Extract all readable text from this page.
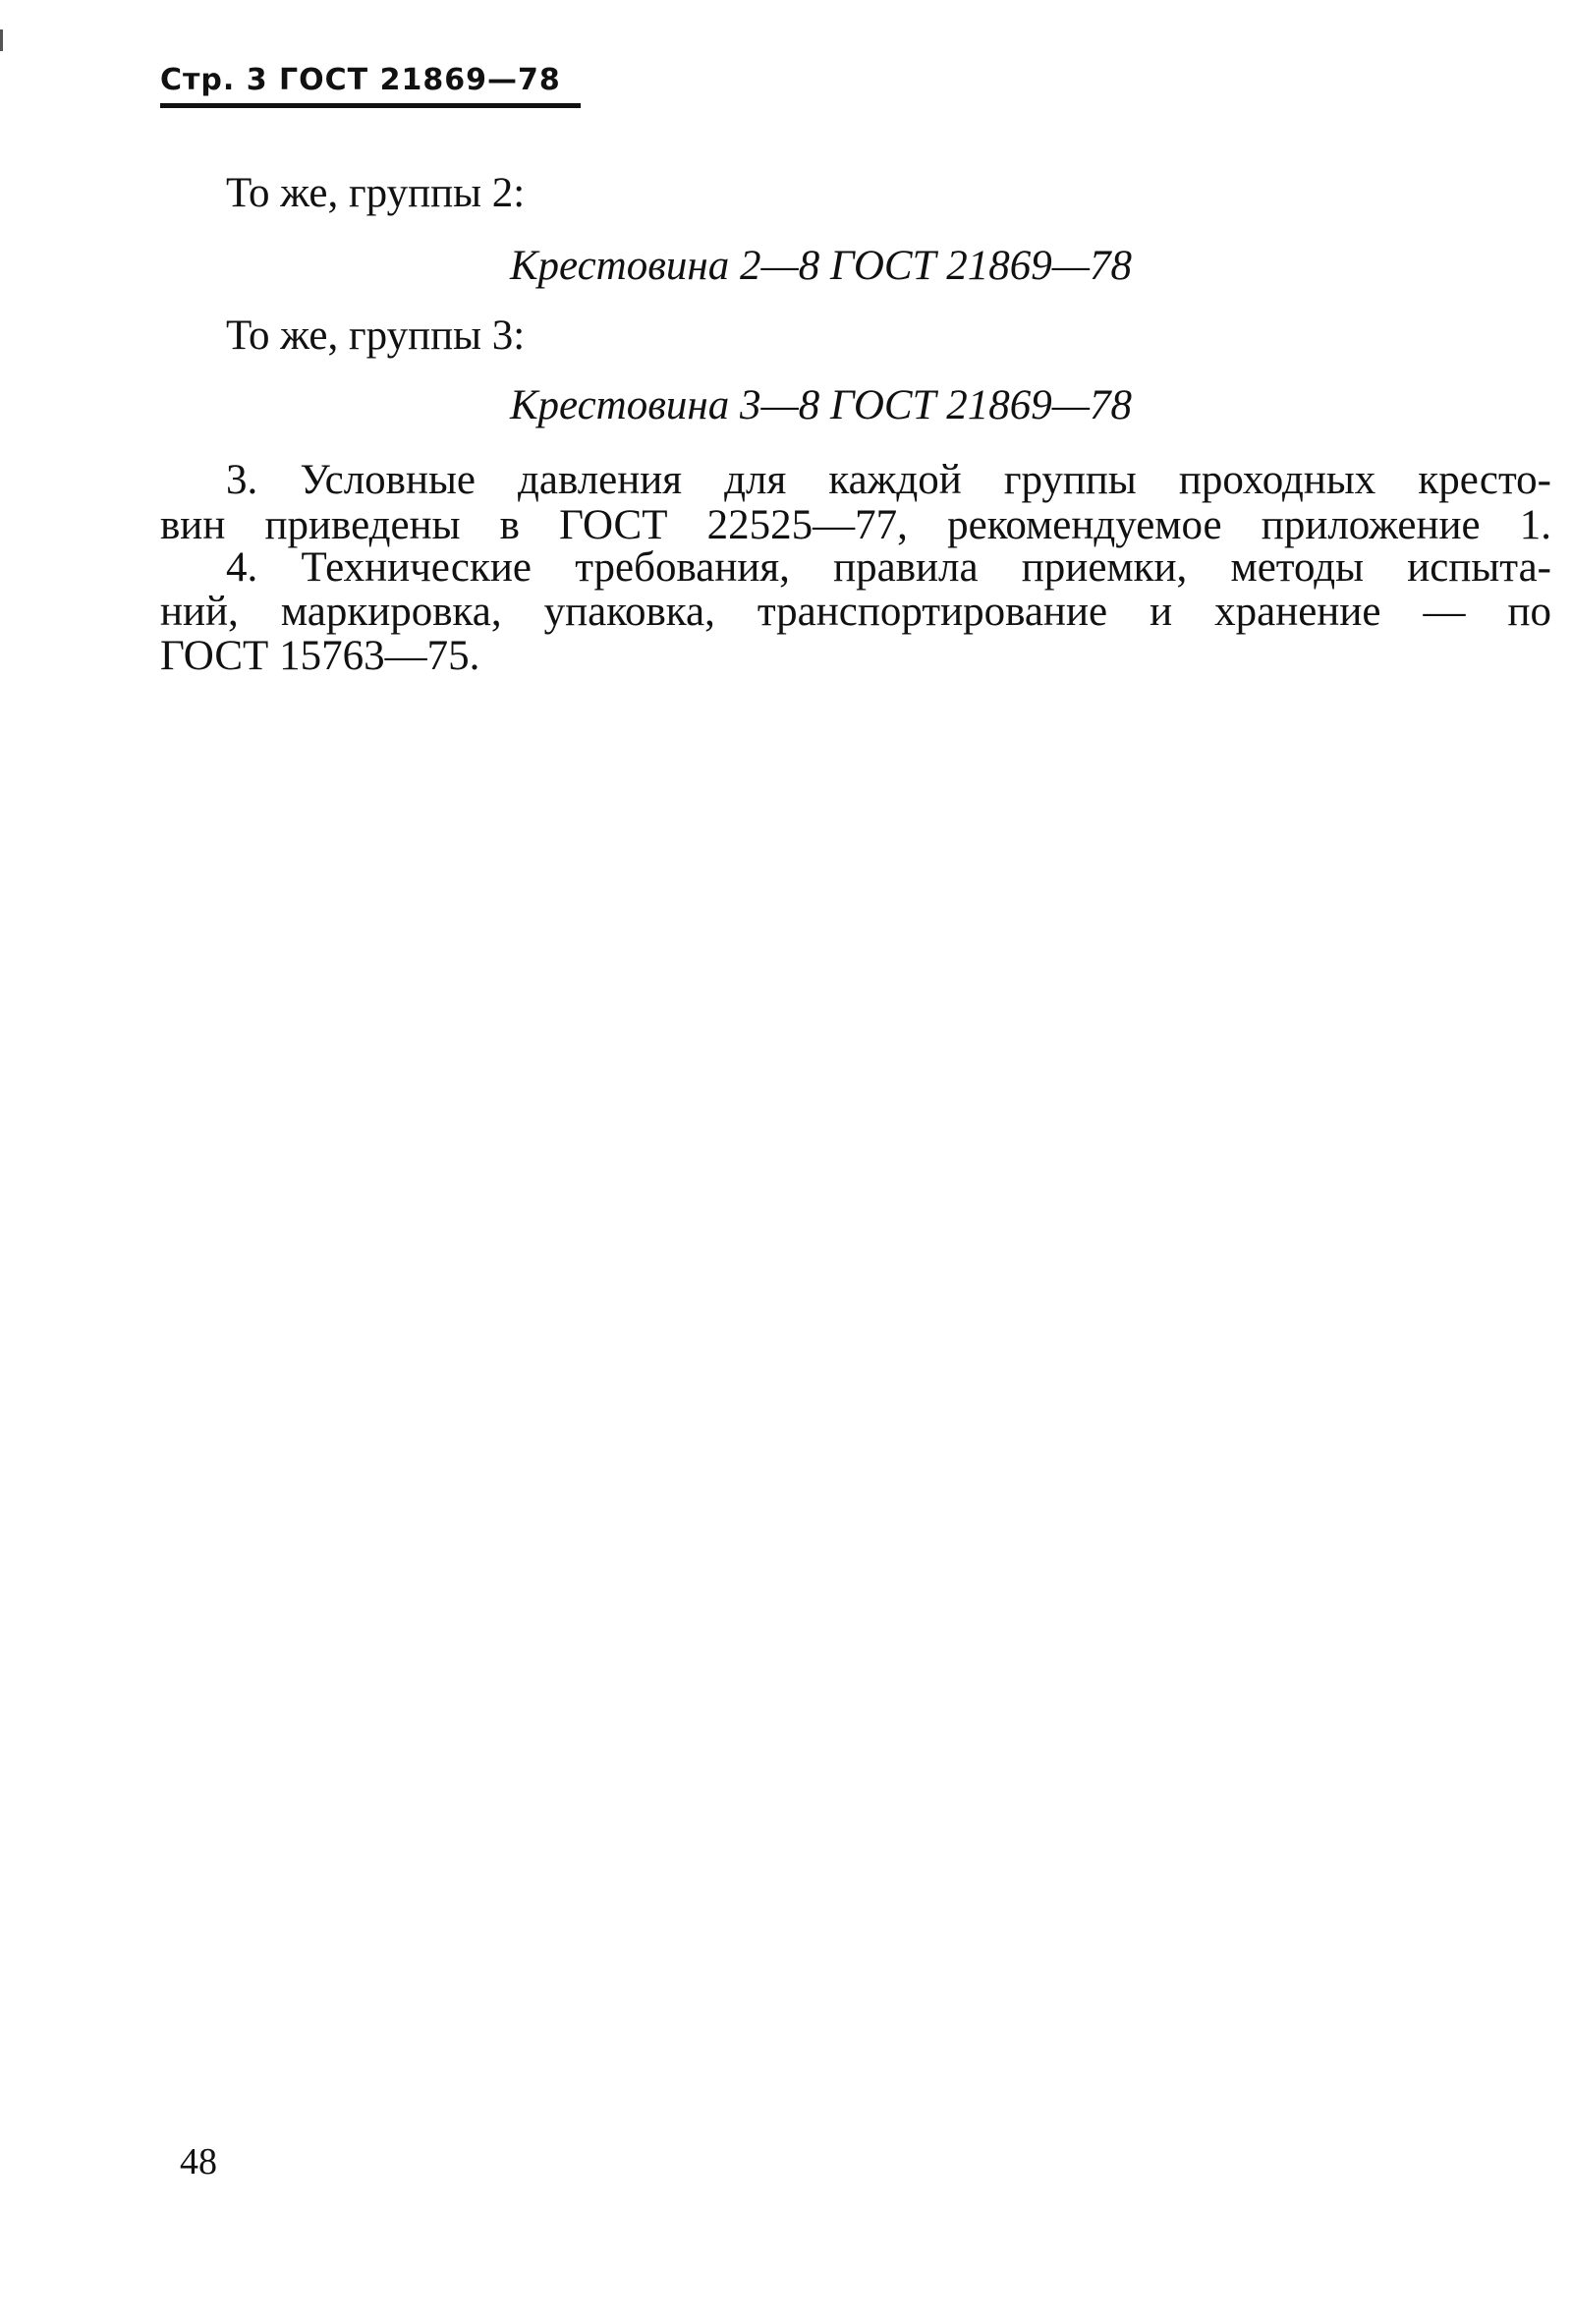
Стр. 3 ГОСТ 21869—78
То же, группы 2:
Крестовина 2—8 ГОСТ 21869—78
То же, группы 3:
Крестовина 3—8 ГОСТ 21869—78
3. Условные давления для каждой группы проходных кресто-
вин приведены в ГОСТ 22525—77, рекомендуемое приложение 1.
4. Технические требования, правила приемки, методы испыта-
ний, маркировка, упаковка, транспортирование и хранение — по
ГОСТ 15763—75.
48
